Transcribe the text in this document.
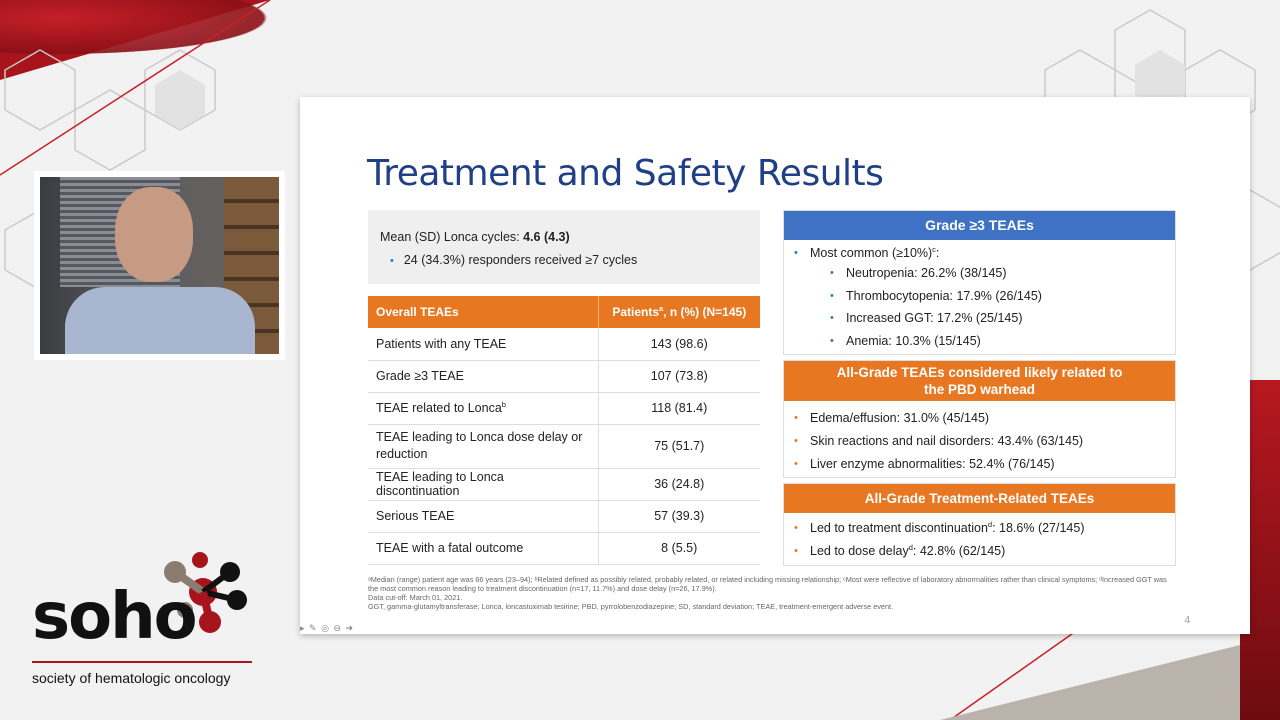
Treatment and Safety Results
Mean (SD) Lonca cycles: 4.6 (4.3)
• 24 (34.3%) responders received ≥7 cycles
Overall TEAEs	Patients$^a$, n (%) (N=145)
Patients with any TEAE	143 (98.6)
Grade ≥3 TEAE	107 (73.8)
TEAE related to Lonca$^b$	118 (81.4)
TEAE leading to Lonca dose delay or reduction	75 (51.7)
TEAE leading to Lonca discontinuation	36 (24.8)
Serious TEAE	57 (39.3)
TEAE with a fatal outcome	8 (5.5)
Grade ≥3 TEAEs
• Most common (≥10%)$^c$:
• Neutropenia: 26.2% (38/145)
• Thrombocytopenia: 17.9% (26/145)
• Increased GGT: 17.2% (25/145)
• Anemia: 10.3% (15/145)
All-Grade TEAEs considered likely related to
the PBD warhead
• Edema/effusion: 31.0% (45/145)
• Skin reactions and nail disorders: 43.4% (63/145)
• Liver enzyme abnormalities: 52.4% (76/145)
All-Grade Treatment-Related TEAEs
• Led to treatment discontinuation$^d$: 18.6% (27/145)
• Led to dose delay$^d$: 42.8% (62/145)
ᵃMedian (range) patient age was 66 years (23–94); ᵇRelated defined as possibly related, probably related, or related including missing relationship; ᶜMost were reflective of laboratory abnormalities rather than clinical symptoms; ᵈIncreased GGT was the most common reason leading to treatment discontinuation (n=17, 11.7%) and dose delay (n=26, 17.9%).
Data cut-off: March 01, 2021.
GGT, gamma-glutamyltransferase; Lonca, loncastuximab tesirine; PBD, pyrrolobenzodiazepine; SD, standard deviation; TEAE, treatment-emergent adverse event.
4
▸ ✎ ◎ ⊖ ➜
soho
society of hematologic oncology
